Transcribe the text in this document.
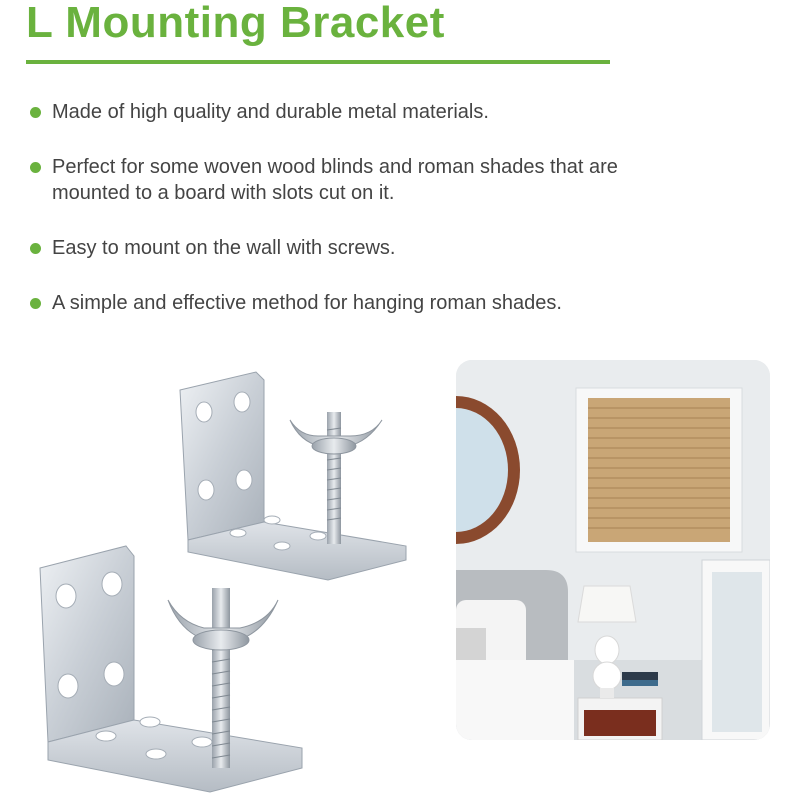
L Mounting Bracket
Made of high quality and durable metal materials.
Perfect for some woven wood blinds and roman shades that are mounted to a board with slots cut on it.
Easy to mount on the wall with screws.
A simple and effective method for hanging roman shades.
